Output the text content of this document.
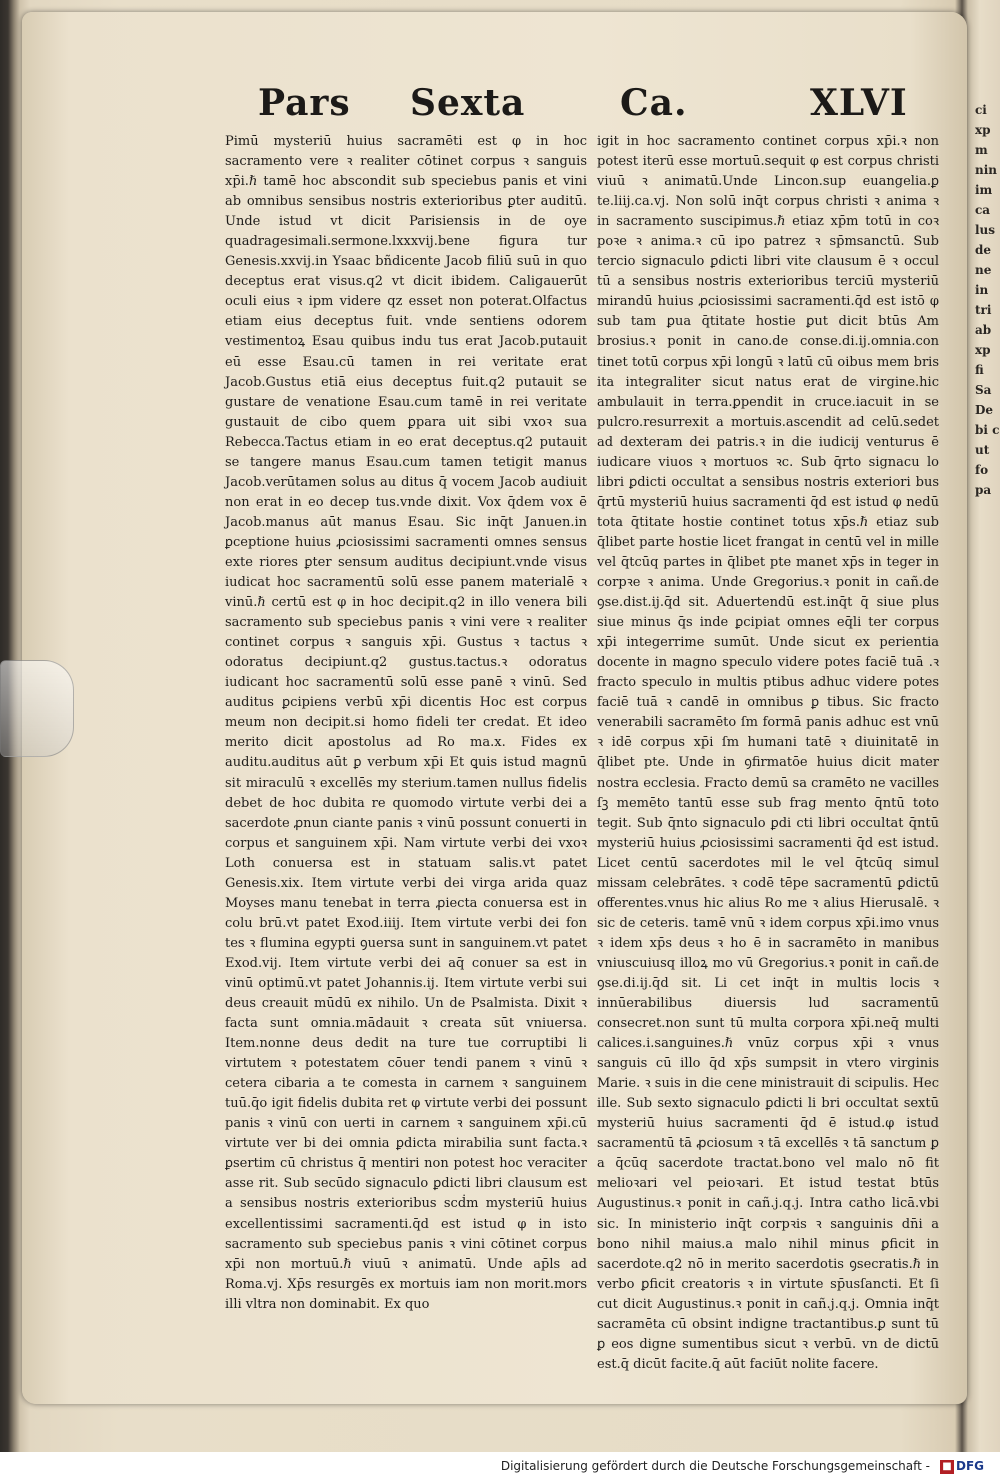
Pars Sexta	Ca.	XLVI

Pimū mysteriū huius sacramēti est φ in hoc sacramento vere ꝛ realiter cōtinet corpus ꝛ sanguis xp̄i.ℏ tamē hoc abscondit sub speciebus panis et vini ab omnibus sensibus nostris exterioribus ꝑter auditū. Unde istud vt dicit Parisiensis in de oye quadragesimali.sermone.lxxxvij.bene figura tur Genesis.xxvij.in Ysaac bñdicente Jacob filiū suū in quo deceptus erat visus.q2 vt dicit ibidem. Caligauerūt oculi eius ꝛ ipm videre qz esset non poterat.Olfactus etiam eius deceptus fuit. vnde sentiens odorem vestimentoꝝ Esau quibus indu tus erat Jacob.putauit eū esse Esau.cū tamen in rei veritate erat Jacob.Gustus etiā eius deceptus fuit.q2 putauit se gustare de venatione Esau.cum tamē in rei veritate gustauit de cibo quem ꝑpara uit sibi vxoꝛ sua Rebecca.Tactus etiam in eo erat deceptus.q2 putauit se tangere manus Esau.cum tamen tetigit manus Jacob.verūtamen solus au ditus q̄ vocem Jacob audiuit non erat in eo decep tus.vnde dixit. Vox q̄dem vox ē Jacob.manus aūt manus Esau. Sic inq̄t Januen.in ꝑceptione huius ꝓciosissimi sacramenti omnes sensus exte riores ꝑter sensum auditus decipiunt.vnde visus iudicat hoc sacramentū solū esse panem materialē ꝛ vinū.ℏ certū est φ in hoc decipit.q2 in illo venera bili sacramento sub speciebus panis ꝛ vini vere ꝛ realiter continet corpus ꝛ sanguis xp̄i. Gustus ꝛ tactus ꝛ odoratus decipiunt.q2 gustus.tactus.ꝛ odoratus iudicant hoc sacramentū solū esse panē ꝛ vinū. Sed auditus ꝑcipiens verbū xp̄i dicentis Hoc est corpus meum non decipit.si homo fideli ter credat. Et ideo merito dicit apostolus ad Ro ma.x. Fides ex auditu.auditus aūt ꝑ verbum xp̄i Et ꝗuis istud magnū sit miraculū ꝛ excellēs my sterium.tamen nullus fidelis debet de hoc dubita re quomodo virtute verbi dei a sacerdote ꝓnun ciante panis ꝛ vinū possunt conuerti in corpus et sanguinem xp̄i. Nam virtute verbi dei vxoꝛ Loth conuersa est in statuam salis.vt patet Genesis.xix. Item virtute verbi dei virga arida quaz Moyses manu tenebat in terra ꝓiecta conuersa est in colu brū.vt patet Exod.iiij. Item virtute verbi dei fon tes ꝛ flumina egypti ꝯuersa sunt in sanguinem.vt patet Exod.vij. Item virtute verbi dei aq̄ conuer sa est in vinū optimū.vt patet Johannis.ij. Item virtute verbi sui deus creauit mūdū ex nihilo. Un de Psalmista. Dixit ꝛ facta sunt omnia.mādauit ꝛ creata sūt vniuersa. Item.nonne deus dedit na ture tue corruptibi li virtutem ꝛ potestatem cōuer tendi panem ꝛ vinū ꝛ cetera cibaria a te comesta in carnem ꝛ sanguinem tuū.q̄o igit fidelis dubita ret φ virtute verbi dei possunt panis ꝛ vinū con uerti in carnem ꝛ sanguinem xp̄i.cū virtute ver bi dei omnia ꝑdicta mirabilia sunt facta.ꝛ ꝑsertim cū christus q̄ mentiri non potest hoc veraciter asse rit. Sub secūdo signaculo ꝑdicti libri clausum est a sensibus nostris exterioribus scḋm mysteriū huius excellentissimi sacramenti.q̄d est istud φ in isto sacramento sub speciebus panis ꝛ vini cōtinet corpus xp̄i non mortuū.ℏ viuū ꝛ animatū. Unde ap̄ls ad Roma.vj. Xp̄s resurgēs ex mortuis iam non morit.mors illi vltra non dominabit. Ex quo

igit in hoc sacramento continet corpus xp̄i.ꝛ non potest iterū esse mortuū.sequit φ est corpus christi viuū ꝛ animatū.Unde Lincon.sup euangelia.ꝑ te.liij.ca.vj. Non solū inq̄t corpus christi ꝛ anima ꝛ in sacramento suscipimus.ℏ etiaz xp̄m totū in coꝛ poꝛe ꝛ anima.ꝛ cū ipo patrez ꝛ sp̄msanctū. Sub tercio signaculo ꝑdicti libri vite clausum ē ꝛ occul tū a sensibus nostris exterioribus terciū mysteriū mirandū huius ꝓciosissimi sacramenti.q̄d est istō φ sub tam ꝑua q̄titate hostie ꝑut dicit btūs Am brosius.ꝛ ponit in cano.de conse.di.ij.omnia.con tinet totū corpus xp̄i longū ꝛ latū cū oibus mem bris ita integraliter sicut natus erat de virgine.hic ambulauit in terra.ꝑpendit in cruce.iacuit in se pulcro.resurrexit a mortuis.ascendit ad celū.sedet ad dexteram dei patris.ꝛ in die iudicij venturus ē iudicare viuos ꝛ mortuos ꝛc. Sub q̄rto signacu lo libri ꝑdicti occultat a sensibus nostris exteriori bus q̄rtū mysteriū huius sacramenti q̄d est istud φ nedū tota q̄titate hostie continet totus xp̄s.ℏ etiaz sub q̄libet parte hostie licet frangat in centū vel in mille vel q̄tcūq partes in q̄libet pte manet xp̄s in teger in corpꝛe ꝛ anima. Unde Gregorius.ꝛ ponit in cañ.de ꝯse.dist.ij.q̄d sit. Aduertendū est.inq̄t q̄ siue plus siue minus q̄s inde ꝑcipiat omnes eq̄li ter corpus xp̄i integerrime sumūt. Unde sicut ex perientia docente in magno speculo videre potes faciē tuā .ꝛ fracto speculo in multis ptibus adhuc videre potes faciē tuā ꝛ candē in omnibus ꝑ tibus. Sic fracto venerabili sacramēto ſm formā panis adhuc est vnū ꝛ idē corpus xp̄i ſm humani tatē ꝛ diuinitatē in q̄libet pte. Unde in ꝯfirmatōe huius dicit mater nostra ecclesia. Fracto demū sa cramēto ne vacilles ſꝫ memēto tantū esse sub frag mento q̄ntū toto tegit. Sub q̄nto signaculo ꝑdi cti libri occultat q̄ntū mysteriū huius ꝓciosissimi sacramenti q̄d est istud. Licet centū sacerdotes mil le vel q̄tcūq simul missam celebrātes. ꝛ codē tēpe sacramentū ꝑdictū offerentes.vnus hic alius Ro me ꝛ alius Hierusalē. ꝛ sic de ceteris. tamē vnū ꝛ idem corpus xp̄i.imo vnus ꝛ idem xp̄s deus ꝛ ho ē in sacramēto in manibus vniuscuiusq illoꝝ mo vū Gregorius.ꝛ ponit in cañ.de ꝯse.di.ij.q̄d sit. Li cet inq̄t in multis locis ꝛ innūerabilibus diuersis lud sacramentū consecret.non sunt tū multa corpora xp̄i.neq̄ multi calices.i.sanguines.ℏ vnūz corpus xp̄i ꝛ vnus sanguis cū illo q̄d xp̄s sumpsit in vtero virginis Marie. ꝛ suis in die cene ministrauit di scipulis. Hec ille. Sub sexto signaculo ꝑdicti li bri occultat sextū mysteriū huius sacramenti q̄d ē istud.φ istud sacramentū tā ꝓciosum ꝛ tā excellēs ꝛ tā sanctum ꝑ a q̄cūq sacerdote tractat.bono vel malo nō fit melioꝛari vel peioꝛari. Et istud testat btūs Augustinus.ꝛ ponit in cañ.j.q.j. Intra catho licā.vbi sic. In ministerio inq̄t corpꝛis ꝛ sanguinis dn̄i a bono nihil maius.a malo nihil minus ꝑficit in sacerdote.q2 nō in merito sacerdotis ꝯsecratis.ℏ in verbo ꝑficit creatoris ꝛ in virtute sp̄usſancti. Et ſi cut dicit Augustinus.ꝛ ponit in cañ.j.q.j. Omnia inq̄t sacramēta cū obsint indigne tractantibus.ꝑ sunt tū ꝑ eos digne sumentibus sicut ꝛ verbū. vn de dictū est.q̄ dicūt facite.q̄ aūt faciūt nolite facere.

ci xp m nin im ca lus de ne in tri ab xp fi Sa De bi c ut fo pa
Digitalisierung gefördert durch die Deutsche Forschungsgemeinschaft - ■ DFG
